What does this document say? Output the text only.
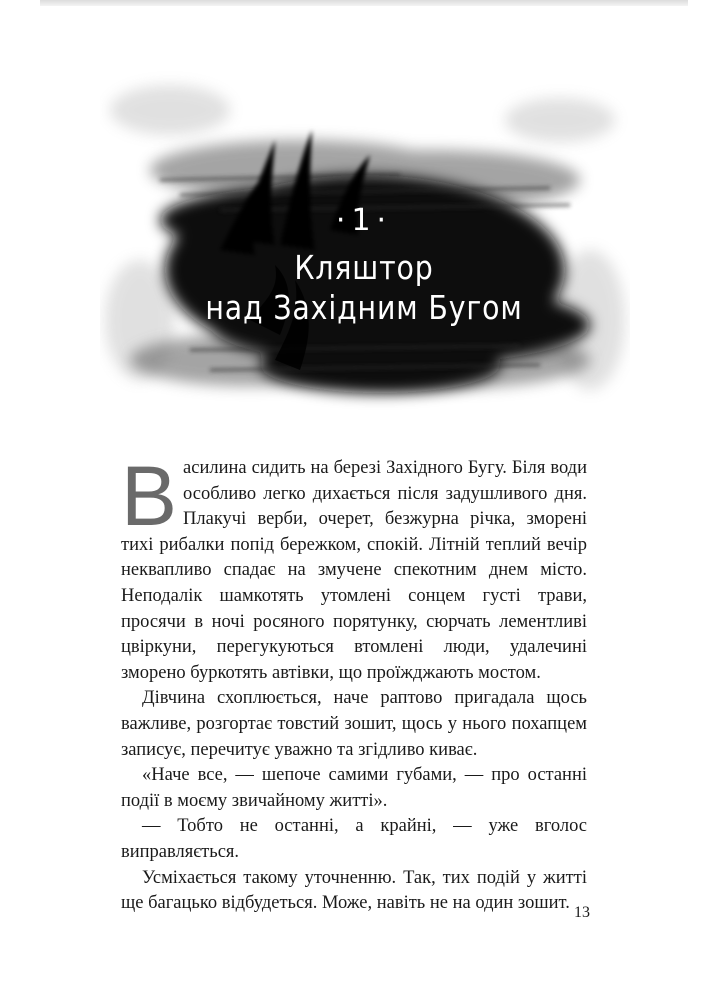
·1·
Кляштор
над Західним Бугом

Василина сидить на березі Західного Бугу. Біля води особливо легко дихається після задушливого дня. Плакучі верби, очерет, безжурна річка, зморені тихі рибалки попід бережком, спокій. Літній теплий вечір неквапливо спадає на змучене спекотним днем місто. Неподалік шамкотять утомлені сонцем густі трави, просячи в ночі росяного порятунку, сюрчать лементливі цвіркуни, перегукуються втомлені люди, удалечині зморено буркотять автівки, що проїжджають мостом.

Дівчина схоплюється, наче раптово пригадала щось важливе, розгортає товстий зошит, щось у нього похапцем записує, перечитує уважно та згідливо киває.

«Наче все, — шепоче самими губами, — про останні події в моєму звичайному житті».

— Тобто не останні, а крайні, — уже вголос виправляється.

Усміхається такому уточненню. Так, тих подій у житті ще багацько відбудеться. Може, навіть не на один зошит. 13
